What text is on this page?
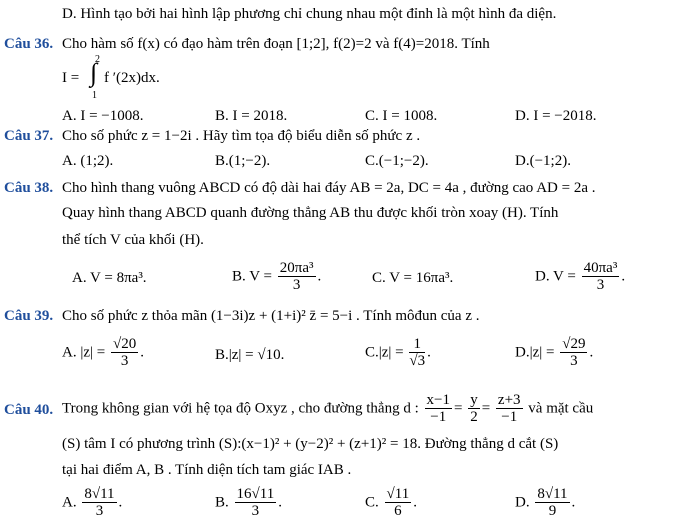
D. Hình tạo bởi hai hình lập phương chỉ chung nhau một đỉnh là một hình đa diện.
Câu 36. Cho hàm số f(x) có đạo hàm trên đoạn [1;2], f(2)=2 và f(4)=2018. Tính
I = ∫
2
1
f ′(2x)dx.
A. I = −1008.	B. I = 2018.	C. I = 1008.	D. I = −2018.
Câu 37. Cho số phức z = 1−2i . Hãy tìm tọa độ biểu diễn số phức z .
A. (1;2).	B.(1;−2).	C.(−1;−2).	D.(−1;2).
Câu 38. Cho hình thang vuông ABCD có độ dài hai đáy AB = 2a, DC = 4a , đường cao AD = 2a .
Quay hình thang ABCD quanh đường thẳng AB thu được khối tròn xoay (H). Tính
thể tích V của khối (H).
A. V = 8πa³.	B. $V = \frac{\text{20πa³}}{3}$ .	C. V = 16πa³.	D. $V = \frac{\text{40πa³}}{3}$ .
Câu 39. Cho số phức z thỏa mãn (1−3i)z + (1+i)² z̄ = 5−i . Tính môđun của z .
A. $|z| = \frac{√20}{3}$ .	B.|z| = √10.	$C.|z| = \frac{1}{√3}$ .	$D.|z| = \frac{√29}{3}$ .
Câu 40. Trong không gian với hệ tọa độ Oxyz , cho đường thẳng d : $\frac{x-1}{-1} = \frac{y}{2} = \frac{z+3}{-1}$ và mặt cầu
(S) tâm I có phương trình (S):(x−1)² + (y−2)² + (z+1)² = 18. Đường thẳng d cắt (S)
tại hai điểm A, B . Tính diện tích tam giác IAB .
A. $\frac{8√11}{3}$ .	B. $\frac{16√11}{3}$ .	C. $\frac{√11}{6}$ .	D. $\frac{8√11}{9}$ .
